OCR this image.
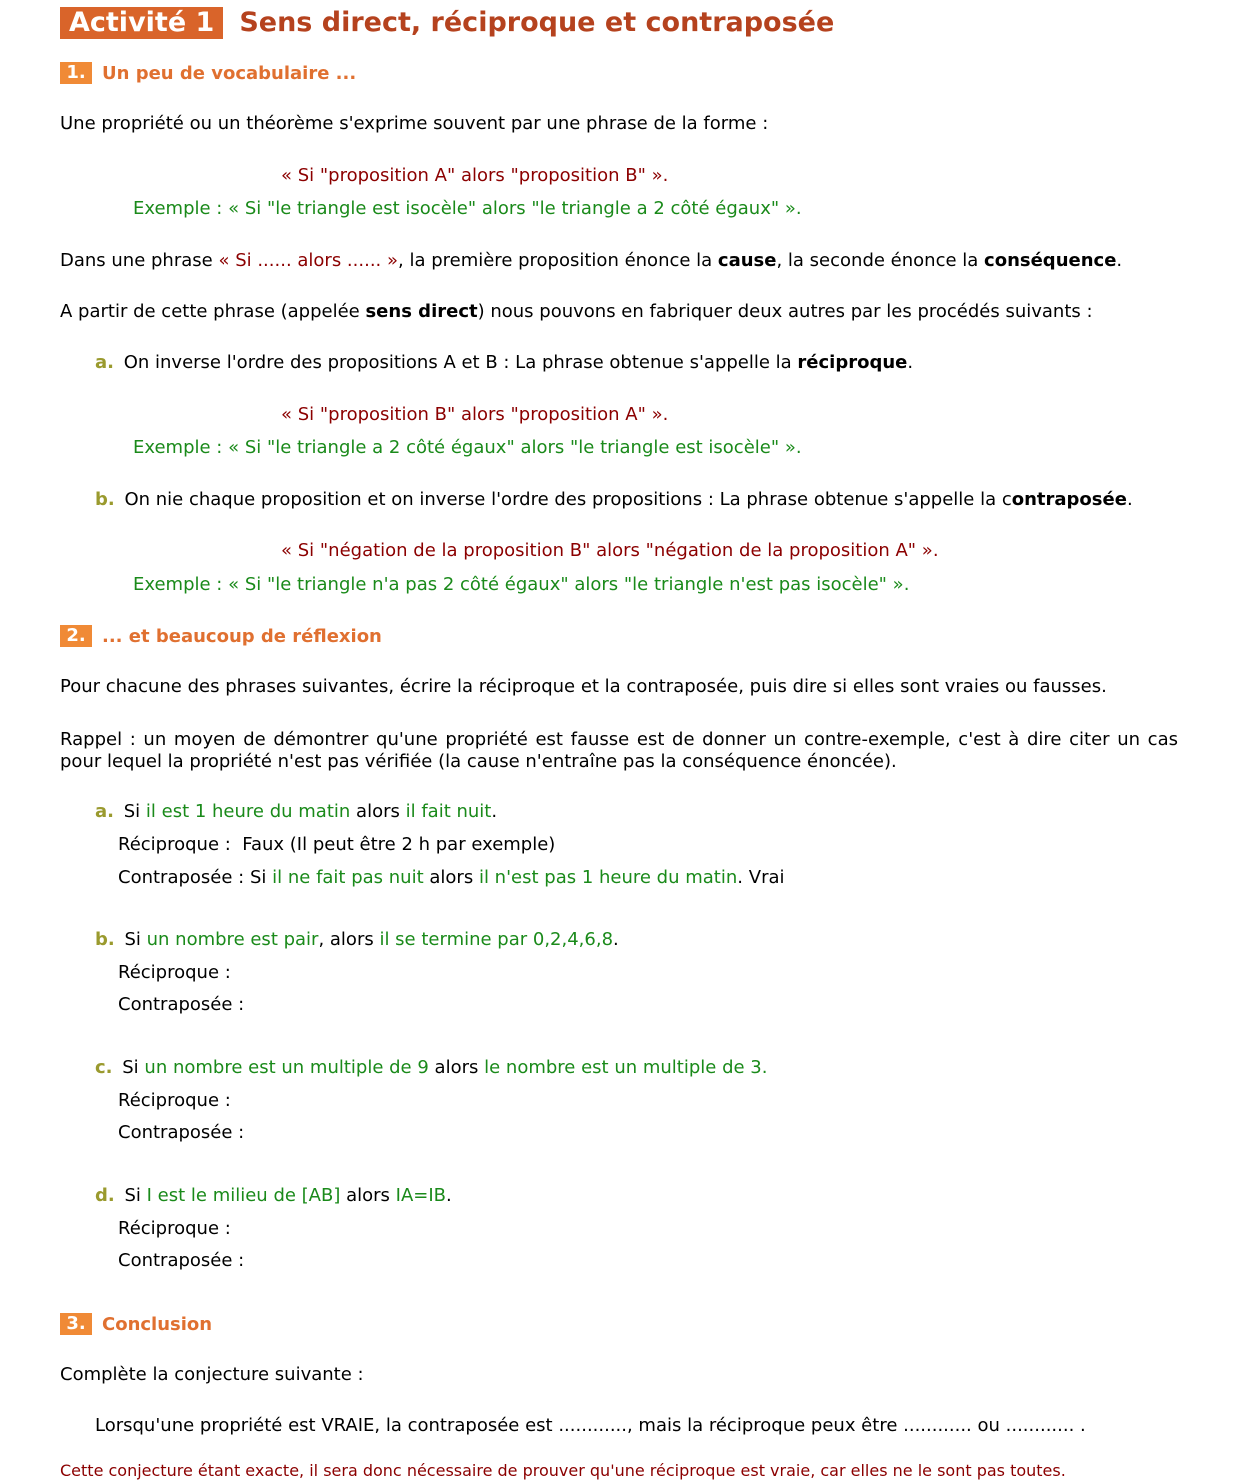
Activité 1 Sens direct, réciproque et contraposée
1. Un peu de vocabulaire ...
Une propriété ou un théorème s'exprime souvent par une phrase de la forme :
« Si "proposition A" alors "proposition B" ».
Exemple : « Si "le triangle est isocèle" alors "le triangle a 2 côté égaux" ».
Dans une phrase « Si ...... alors ...... », la première proposition énonce la cause, la seconde énonce la conséquence.
A partir de cette phrase (appelée sens direct) nous pouvons en fabriquer deux autres par les procédés suivants :
a. On inverse l'ordre des propositions A et B : La phrase obtenue s'appelle la réciproque.
« Si "proposition B" alors "proposition A" ».
Exemple : « Si "le triangle a 2 côté égaux" alors "le triangle est isocèle" ».
b. On nie chaque proposition et on inverse l'ordre des propositions : La phrase obtenue s'appelle la contraposée.
« Si "négation de la proposition B" alors "négation de la proposition A" ».
Exemple : « Si "le triangle n'a pas 2 côté égaux" alors "le triangle n'est pas isocèle" ».
2. ... et beaucoup de réflexion
Pour chacune des phrases suivantes, écrire la réciproque et la contraposée, puis dire si elles sont vraies ou fausses.
Rappel : un moyen de démontrer qu'une propriété est fausse est de donner un contre-exemple, c'est à dire citer un cas pour lequel la propriété n'est pas vérifiée (la cause n'entraîne pas la conséquence énoncée).
a. Si il est 1 heure du matin alors il fait nuit.
Réciproque : Faux (Il peut être 2 h par exemple)
Contraposée : Si il ne fait pas nuit alors il n'est pas 1 heure du matin. Vrai
b. Si un nombre est pair, alors il se termine par 0,2,4,6,8.
Réciproque :
Contraposée :
c. Si un nombre est un multiple de 9 alors le nombre est un multiple de 3.
Réciproque :
Contraposée :
d. Si I est le milieu de [AB] alors IA=IB.
Réciproque :
Contraposée :
3. Conclusion
Complète la conjecture suivante :
Lorsqu'une propriété est VRAIE, la contraposée est ............, mais la réciproque peux être ............ ou ............ .
Cette conjecture étant exacte, il sera donc nécessaire de prouver qu'une réciproque est vraie, car elles ne le sont pas toutes.
